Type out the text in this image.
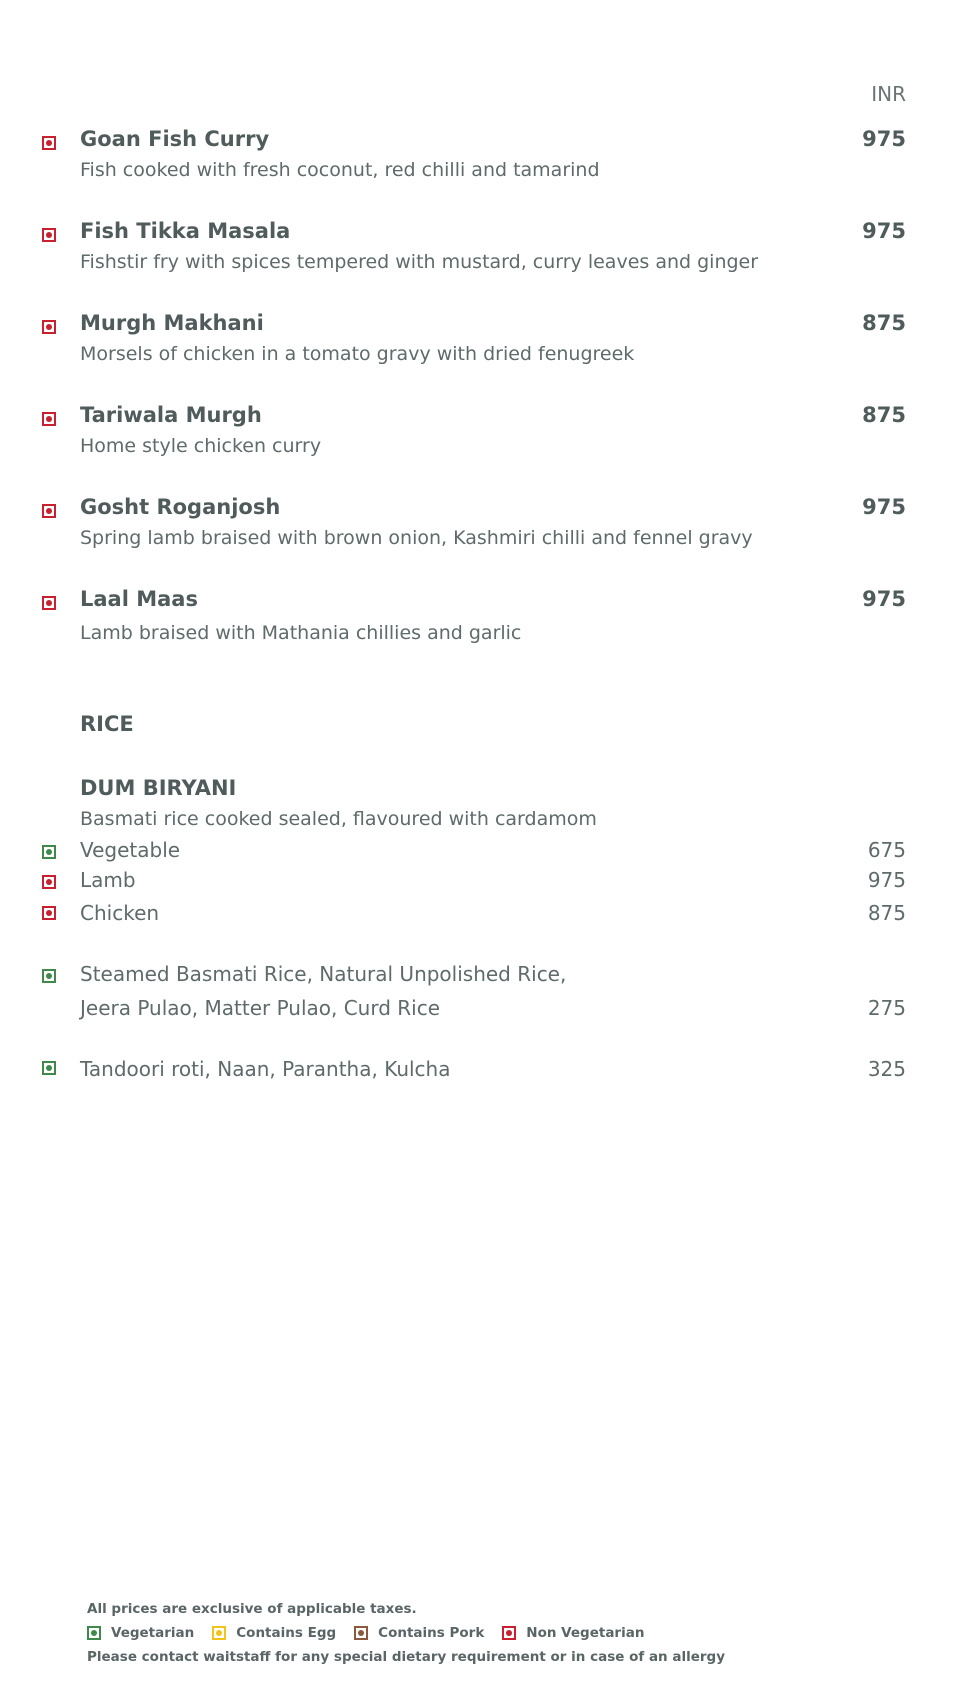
INR
Goan Fish Curry	975
Fish cooked with fresh coconut, red chilli and tamarind
Fish Tikka Masala	975
Fishstir fry with spices tempered with mustard, curry leaves and ginger
Murgh Makhani	875
Morsels of chicken in a tomato gravy with dried fenugreek
Tariwala Murgh	875
Home style chicken curry
Gosht Roganjosh	975
Spring lamb braised with brown onion, Kashmiri chilli and fennel gravy
Laal Maas	975
Lamb braised with Mathania chillies and garlic
RICE
DUM BIRYANI
Basmati rice cooked sealed, flavoured with cardamom
Vegetable	675
Lamb	975
Chicken	875
Steamed Basmati Rice, Natural Unpolished Rice,
Jeera Pulao, Matter Pulao, Curd Rice	275
Tandoori roti, Naan, Parantha, Kulcha	325
All prices are exclusive of applicable taxes.
Vegetarian	Contains Egg	Contains Pork	Non Vegetarian
Please contact waitstaff for any special dietary requirement or in case of an allergy
